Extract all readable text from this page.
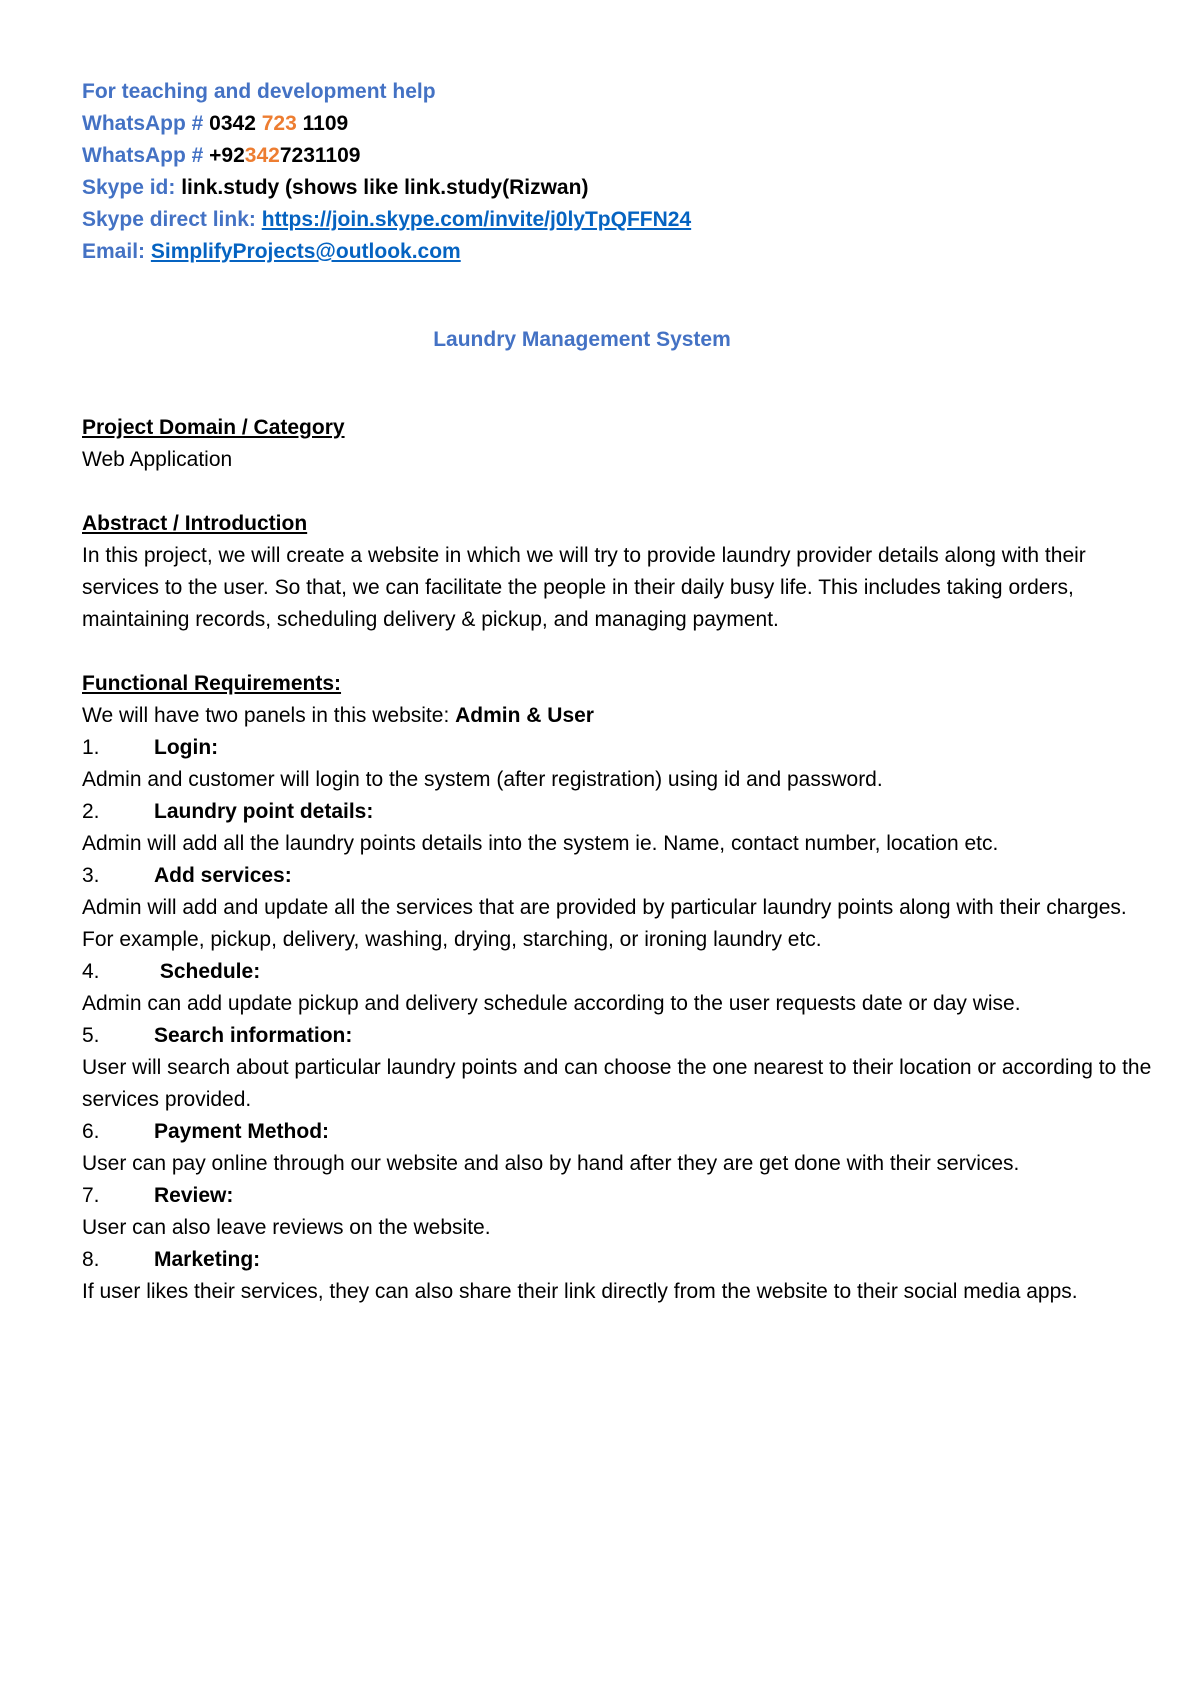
For teaching and development help
WhatsApp # 0342 723 1109
WhatsApp # +923427231109
Skype id: link.study (shows like link.study(Rizwan)
Skype direct link: https://join.skype.com/invite/j0lyTpQFFN24
Email: SimplifyProjects@outlook.com
Laundry Management System
Project Domain / Category
Web Application
Abstract / Introduction
In this project, we will create a website in which we will try to provide laundry provider details along with their services to the user. So that, we can facilitate the people in their daily busy life. This includes taking orders, maintaining records, scheduling delivery & pickup, and managing payment.
Functional Requirements:
We will have two panels in this website: Admin & User
1.	Login:
Admin and customer will login to the system (after registration) using id and password.
2.	Laundry point details:
Admin will add all the laundry points details into the system ie. Name, contact number, location etc.
3.	Add services:
Admin will add and update all the services that are provided by particular laundry points along with their charges. For example, pickup, delivery, washing, drying, starching, or ironing laundry etc.
4.	Schedule:
Admin can add update pickup and delivery schedule according to the user requests date or day wise.
5.	Search information:
User will search about particular laundry points and can choose the one nearest to their location or according to the services provided.
6.	Payment Method:
User can pay online through our website and also by hand after they are get done with their services.
7.	Review:
User can also leave reviews on the website.
8.	Marketing:
If user likes their services, they can also share their link directly from the website to their social media apps.
